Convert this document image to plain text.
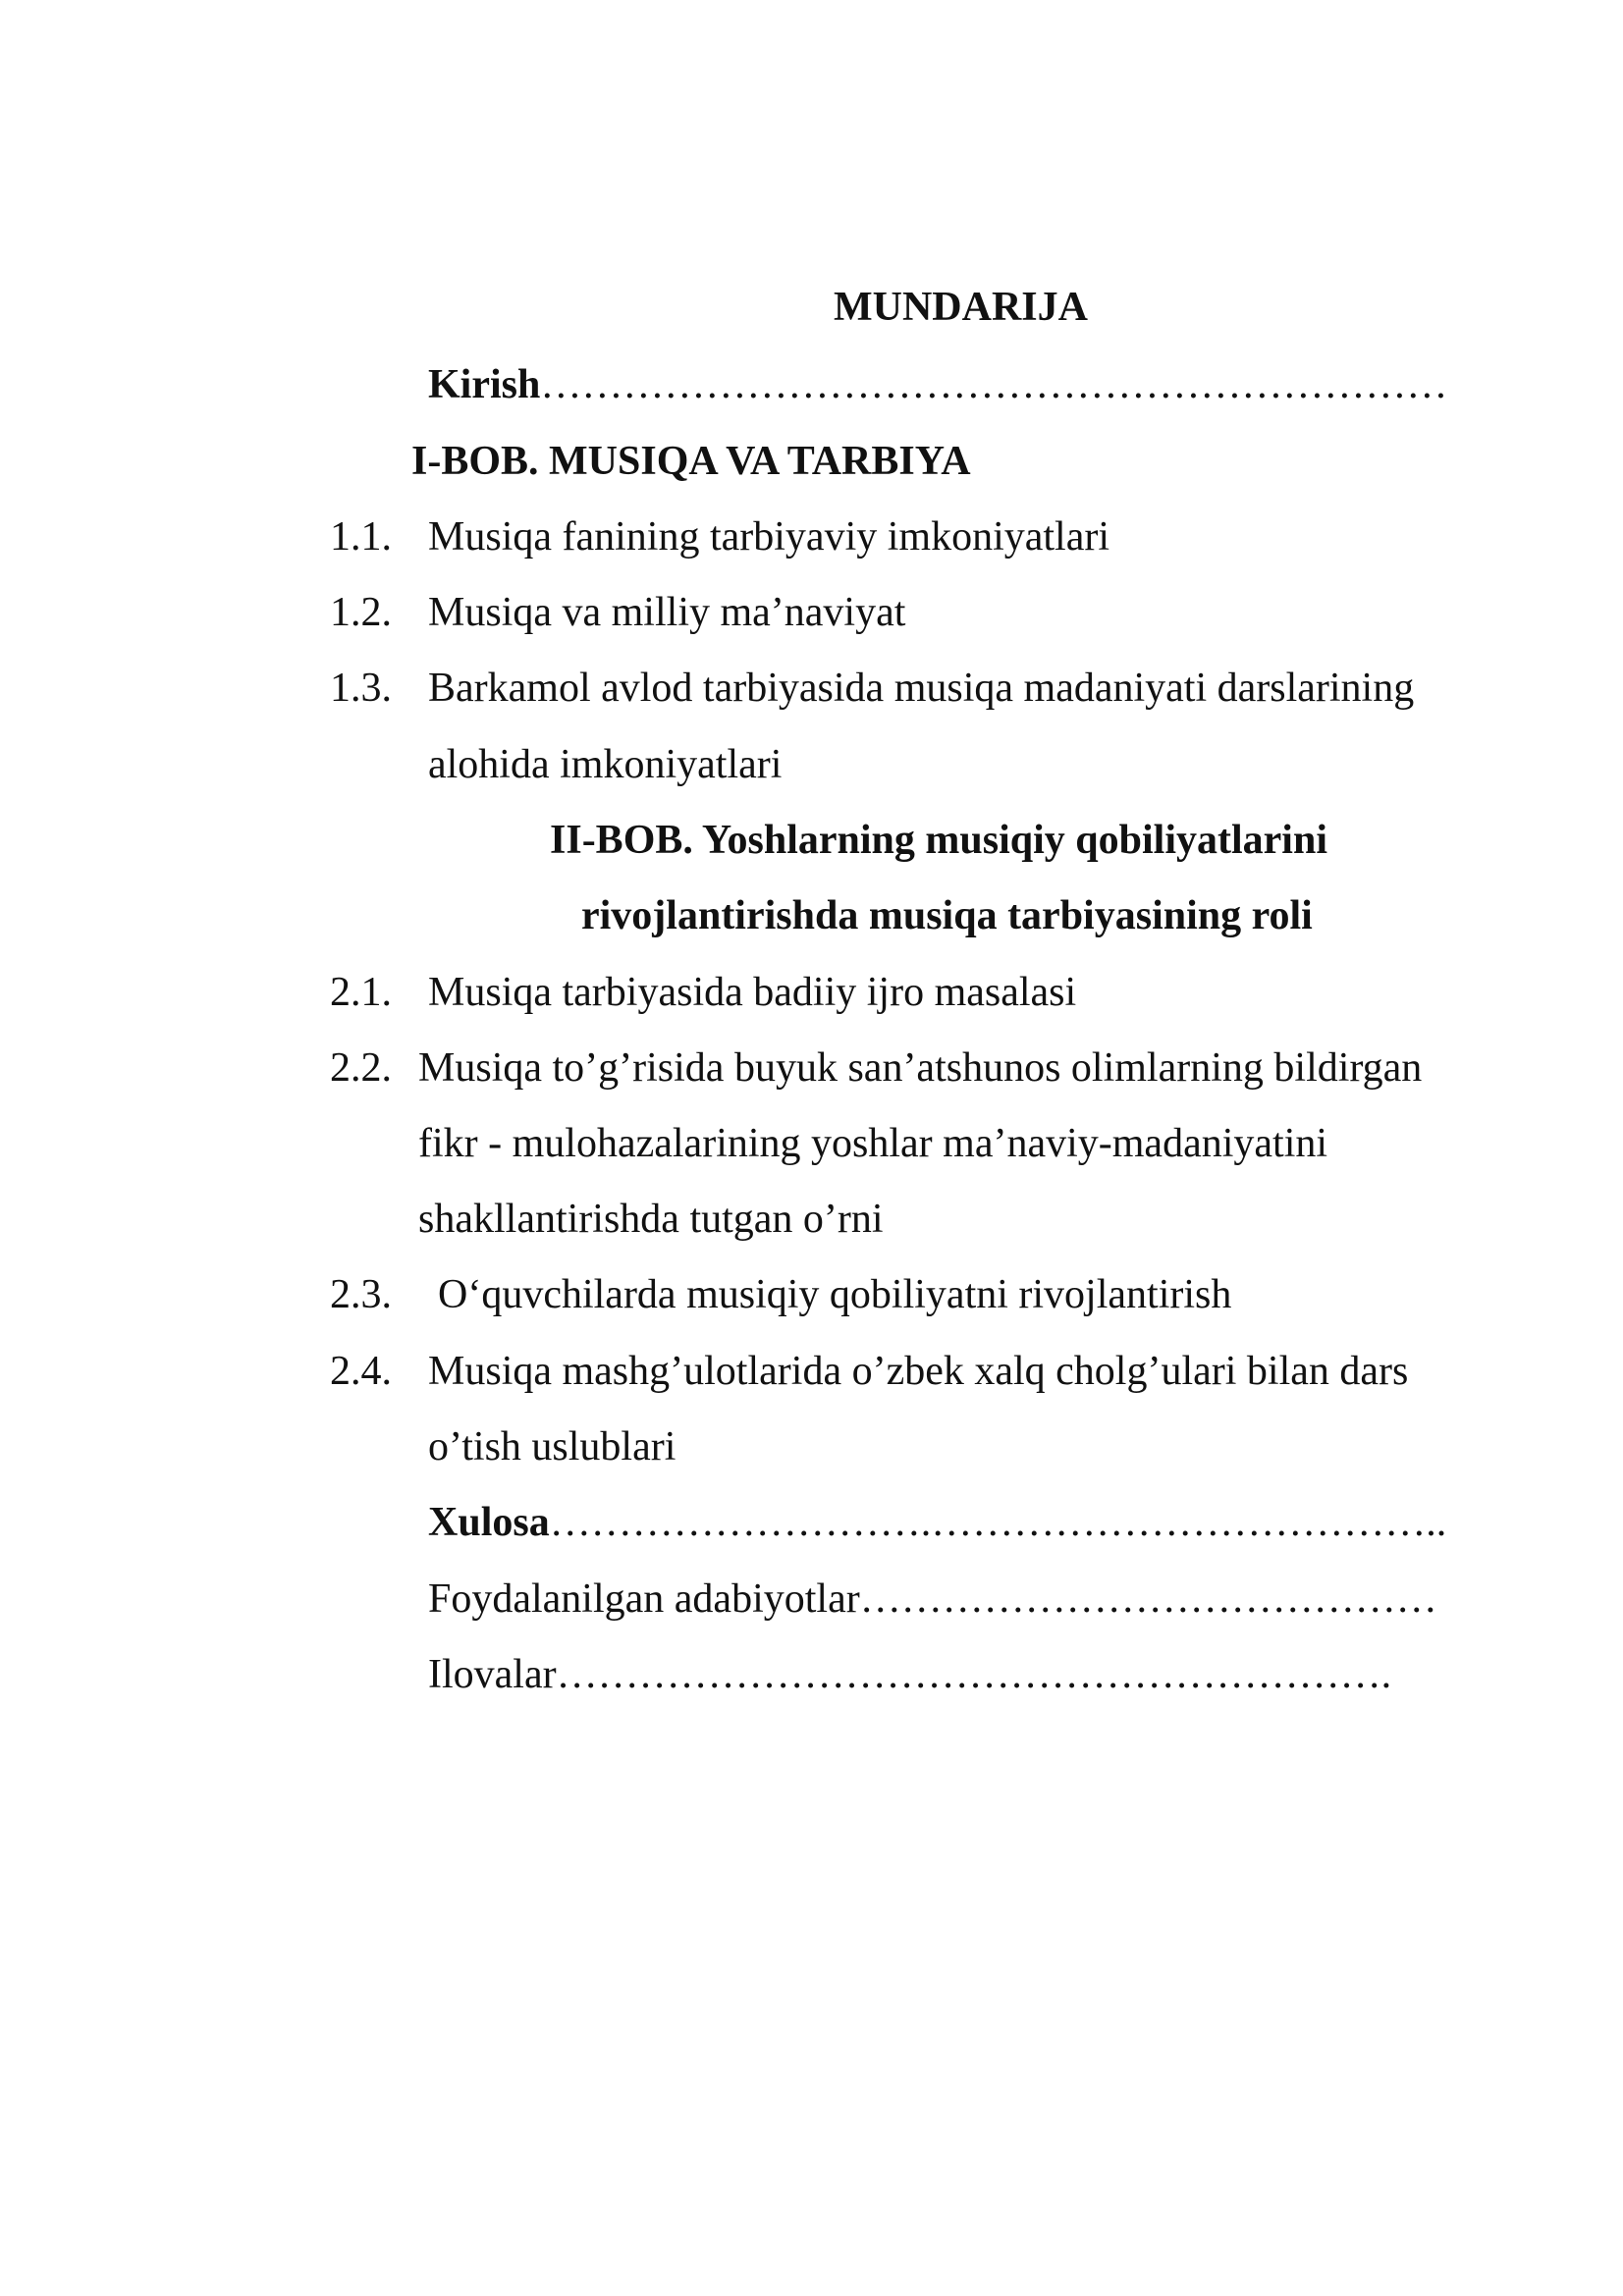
MUNDARIJA
Kirish…………………………………………………………
I-BOB. MUSIQA VA TARBIYA
1.1. Musiqa fanining tarbiyaviy imkoniyatlari
1.2. Musiqa va milliy ma’naviyat
1.3. Barkamol avlod tarbiyasida musiqa madaniyati darslarining
alohida imkoniyatlari
II-BOB. Yoshlarning musiqiy qobiliyatlarini
rivojlantirishda musiqa tarbiyasining roli
2.1. Musiqa tarbiyasida badiiy ijro masalasi
2.2. Musiqa to’g’risida buyuk san’atshunos olimlarning bildirgan
fikr - mulohazalarining yoshlar ma’naviy-madaniyatini
shakllantirishda tutgan o’rni
2.3. O‘quvchilarda musiqiy qobiliyatni rivojlantirish
2.4. Musiqa mashg’ulotlarida o’zbek xalq cholg’ulari bilan dars
o’tish uslublari
Xulosa……………………….………………………………..
Foydalanilgan adabiyotlar……………………………………
Ilovalar…………………………………………………….
